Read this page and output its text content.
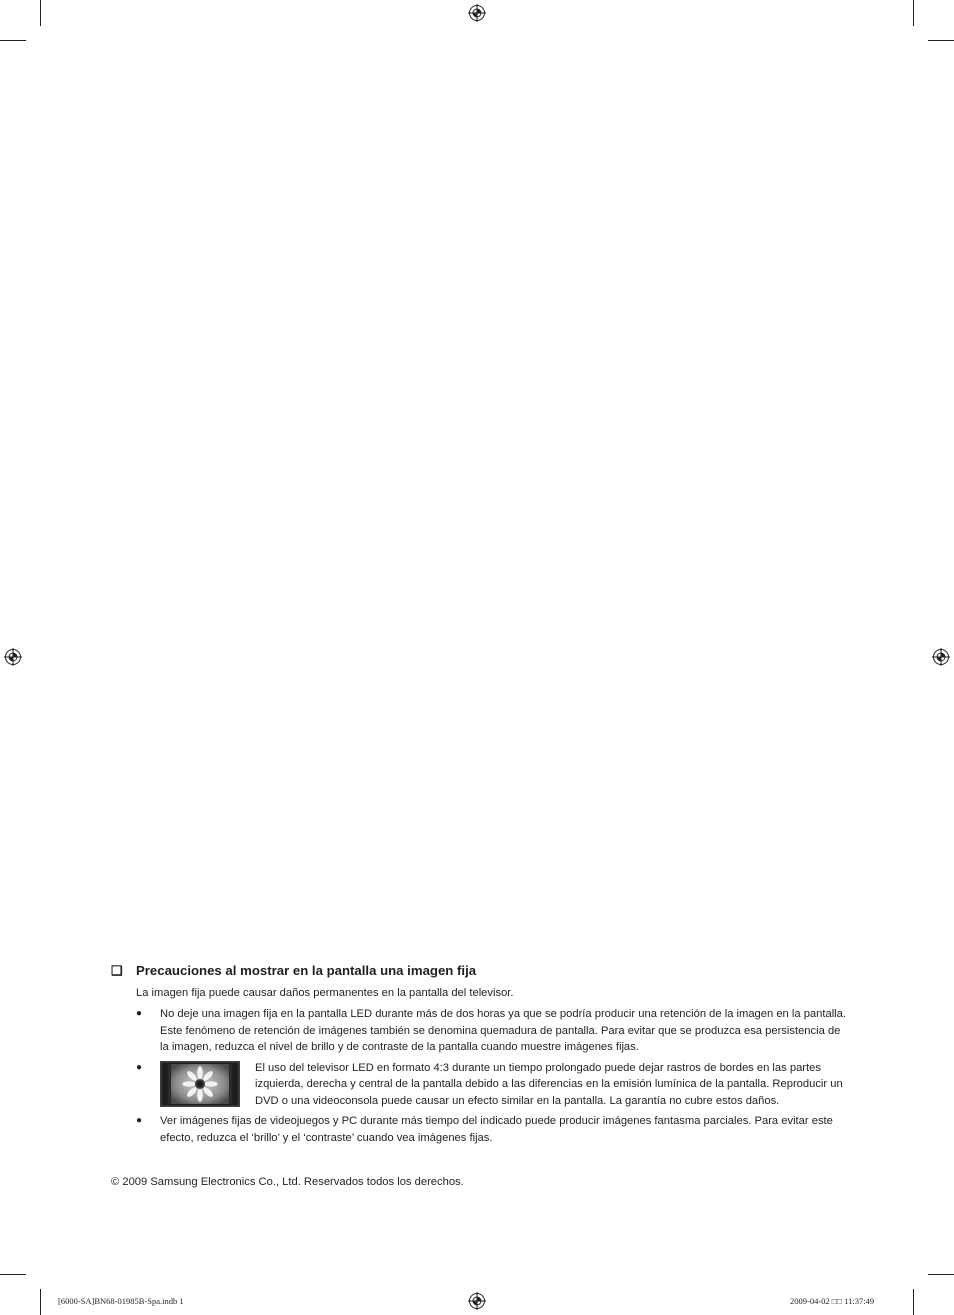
❑	Precauciones al mostrar en la pantalla una imagen fija
La imagen fija puede causar daños permanentes en la pantalla del televisor.
● No deje una imagen fija en la pantalla LED durante más de dos horas ya que se podría producir una retención de la imagen en la pantalla. Este fenómeno de retención de imágenes también se denomina quemadura de pantalla. Para evitar que se produzca esa persistencia de la imagen, reduzca el nivel de brillo y de contraste de la pantalla cuando muestre imágenes fijas.
●	El uso del televisor LED en formato 4:3 durante un tiempo prolongado puede dejar rastros de bordes en las partes izquierda, derecha y central de la pantalla debido a las diferencias en la emisión lumínica de la pantalla. Reproducir un DVD o una videoconsola puede causar un efecto similar en la pantalla. La garantía no cubre estos daños.
● Ver imágenes fijas de videojuegos y PC durante más tiempo del indicado puede producir imágenes fantasma parciales. Para evitar este efecto, reduzca el ‘brillo’ y el ‘contraste’ cuando vea imágenes fijas.
© 2009 Samsung Electronics Co., Ltd. Reservados todos los derechos.
[6000-SA]BN68-01985B-Spa.indb 1	2009-04-02 □□ 11:37:49
